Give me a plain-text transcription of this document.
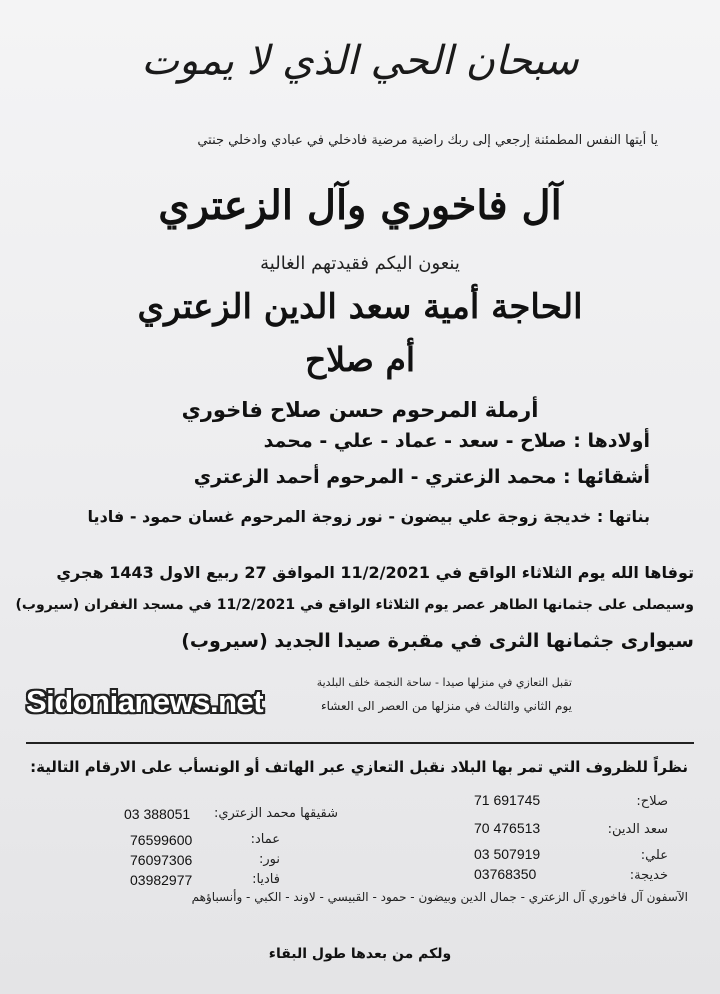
سبحان الحي الذي لا يموت
يا أيتها النفس المطمئنة إرجعي إلى ربك راضية مرضية فادخلي في عبادي وادخلي جنتي
آل فاخوري وآل الزعتري
ينعون اليكم فقيدتهم الغالية
الحاجة أمية سعد الدين الزعتري
أم صلاح
أرملة المرحوم حسن صلاح فاخوري
أولادها : صلاح - سعد - عماد - علي - محمد
أشقائها : محمد الزعتري - المرحوم أحمد الزعتري
بناتها : خديجة زوجة علي بيضون - نور زوجة المرحوم غسان حمود - فاديا
توفاها الله يوم الثلاثاء الواقع في 11/2/2021 الموافق 27 ربيع الاول 1443 هجري
وسيصلى على جثمانها الطاهر عصر يوم الثلاثاء الواقع في 11/2/2021 في مسجد الغفران (سيروب)
سيوارى جثمانها الثرى في مقبرة صيدا الجديد (سيروب)
تقبل التعازي في منزلها صيدا - ساحة النجمة خلف البلدية
يوم الثاني والثالث في منزلها من العصر الى العشاء
Sidonianews.net
نظراً للظروف التي تمر بها البلاد نقبل التعازي عبر الهاتف أو الونسأب على الارقام التالية:
صلاح:
71 691745
سعد الدين:
70 476513
علي:
03 507919
خديجة:
03768350
شقيقها محمد الزعتري:
03 388051
عماد:
76599600
نور:
76097306
فاديا:
03982977
الآسفون آل فاخوري آل الزعتري - جمال الدين وبيضون - حمود - القبيسي - لاوند - الكبي - وأنسباؤهم
ولكم من بعدها طول البقاء
